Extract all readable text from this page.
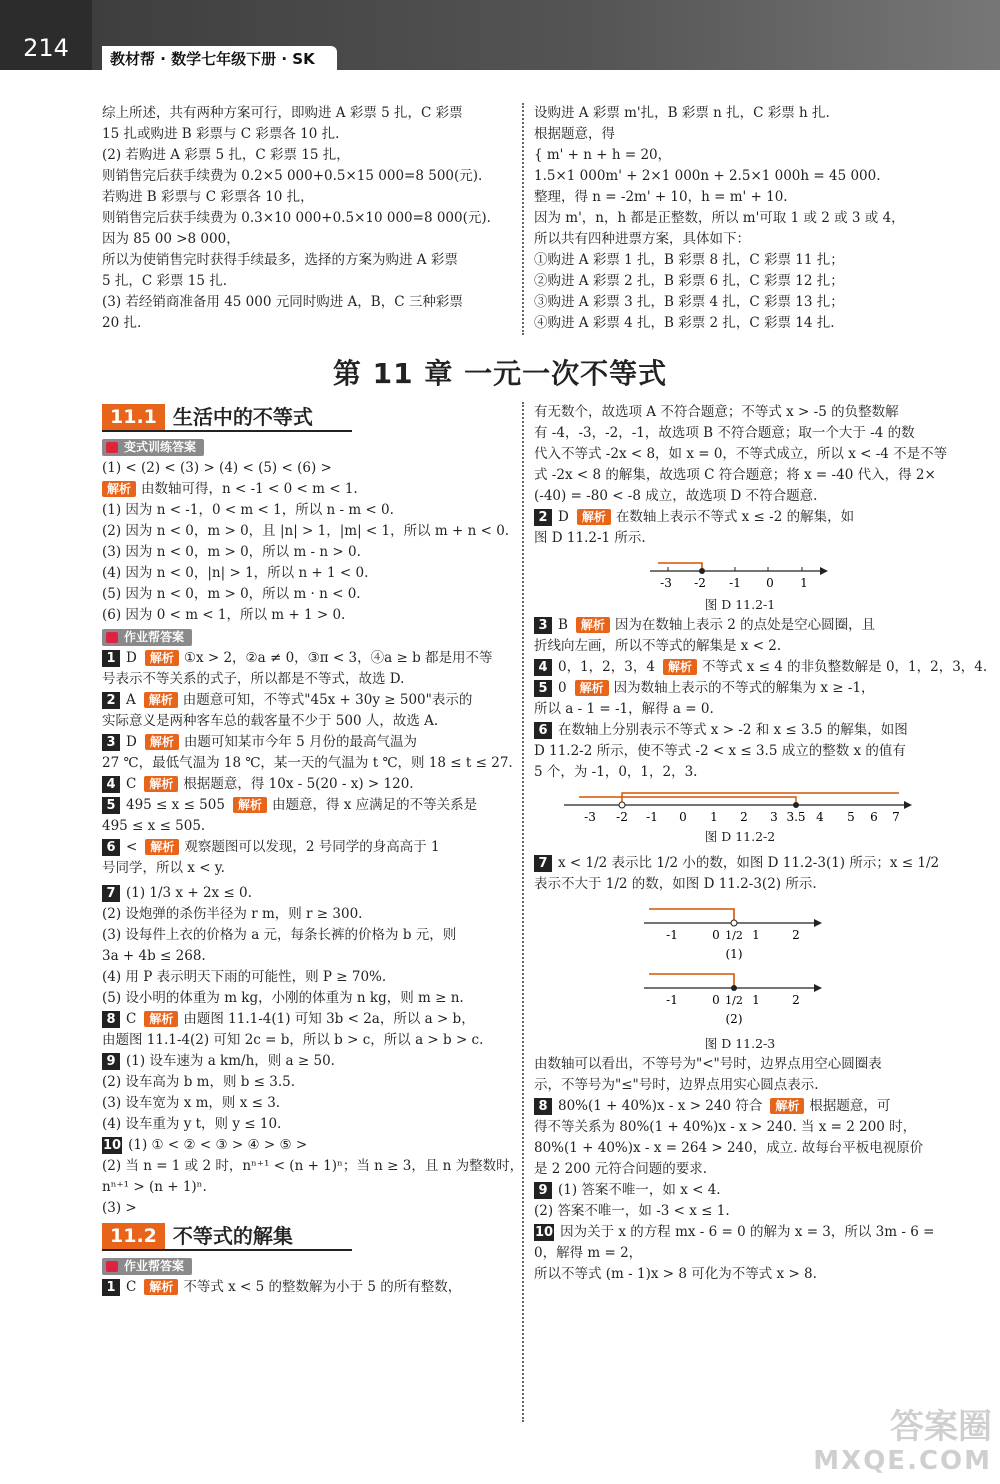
214	教材帮 · 数学七年级下册 · SK

综上所述，共有两种方案可行，即购进 A 彩票 5 扎，C 彩票

15 扎或购进 B 彩票与 C 彩票各 10 扎.

(2) 若购进 A 彩票 5 扎，C 彩票 15 扎，

则销售完后获手续费为 0.2×5 000+0.5×15 000=8 500(元).

若购进 B 彩票与 C 彩票各 10 扎，

则销售完后获手续费为 0.3×10 000+0.5×10 000=8 000(元).

因为 85 00 >8 000，

所以为使销售完时获得手续最多，选择的方案为购进 A 彩票

5 扎，C 彩票 15 扎.

(3) 若经销商准备用 45 000 元同时购进 A，B，C 三种彩票

20 扎.

设购进 A 彩票 m'扎，B 彩票 n 扎，C 彩票 h 扎.

根据题意，得

{ m' + n + h = 20，

1.5×1 000m' + 2×1 000n + 2.5×1 000h = 45 000.

整理，得 n = -2m' + 10，h = m' + 10.

因为 m'，n，h 都是正整数，所以 m'可取 1 或 2 或 3 或 4，

所以共有四种进票方案，具体如下：

①购进 A 彩票 1 扎，B 彩票 8 扎，C 彩票 11 扎；

②购进 A 彩票 2 扎，B 彩票 6 扎，C 彩票 12 扎；

③购进 A 彩票 3 扎，B 彩票 4 扎，C 彩票 13 扎；

④购进 A 彩票 4 扎，B 彩票 2 扎，C 彩票 14 扎.

第 11 章 一元一次不等式
11.1 生活中的不等式
变式训练答案

(1) < (2) < (3) > (4) < (5) < (6) >

解析 由数轴可得，n < -1 < 0 < m < 1.

(1) 因为 n < -1，0 < m < 1，所以 n - m < 0.

(2) 因为 n < 0，m > 0，且 |n| > 1，|m| < 1，所以 m + n < 0.

(3) 因为 n < 0，m > 0，所以 m - n > 0.

(4) 因为 n < 0，|n| > 1，所以 n + 1 < 0.

(5) 因为 n < 0，m > 0，所以 m · n < 0.

(6) 因为 0 < m < 1，所以 m + 1 > 0.

作业帮答案

1 D 解析 ①x > 2，②a ≠ 0，③π < 3，④a ≥ b 都是用不等

号表示不等关系的式子，所以都是不等式，故选 D.

2 A 解析 由题意可知，不等式"45x + 30y ≥ 500"表示的

实际意义是两种客车总的载客量不少于 500 人，故选 A.

3 D 解析 由题可知某市今年 5 月份的最高气温为

27 ℃，最低气温为 18 ℃，某一天的气温为 t ℃，则 18 ≤ t ≤ 27.

4 C 解析 根据题意，得 10x - 5(20 - x) > 120.

5 495 ≤ x ≤ 505 解析 由题意，得 x 应满足的不等关系是

495 ≤ x ≤ 505.

6 < 解析 观察题图可以发现，2 号同学的身高高于 1

号同学，所以 x < y.

7 (1) 1/3 x + 2x ≤ 0.

(2) 设炮弹的杀伤半径为 r m，则 r ≥ 300.

(3) 设每件上衣的价格为 a 元，每条长裤的价格为 b 元，则

3a + 4b ≤ 268.

(4) 用 P 表示明天下雨的可能性，则 P ≥ 70%.

(5) 设小明的体重为 m kg，小刚的体重为 n kg，则 m ≥ n.

8 C 解析 由题图 11.1-4(1) 可知 3b < 2a，所以 a > b，

由题图 11.1-4(2) 可知 2c = b，所以 b > c，所以 a > b > c.

9 (1) 设车速为 a km/h，则 a ≥ 50.

(2) 设车高为 b m，则 b ≤ 3.5.

(3) 设车宽为 x m，则 x ≤ 3.

(4) 设车重为 y t，则 y ≤ 10.

10 (1) ① < ② < ③ > ④ > ⑤ >

(2) 当 n = 1 或 2 时，nⁿ⁺¹ < (n + 1)ⁿ；当 n ≥ 3，且 n 为整数时，

nⁿ⁺¹ > (n + 1)ⁿ.

(3) >

11.2 不等式的解集
作业帮答案

1 C 解析 不等式 x < 5 的整数解为小于 5 的所有整数，

有无数个，故选项 A 不符合题意；不等式 x > -5 的负整数解

有 -4，-3，-2，-1，故选项 B 不符合题意；取一个大于 -4 的数

代入不等式 -2x < 8，如 x = 0，不等式成立，所以 x < -4 不是不等

式 -2x < 8 的解集，故选项 C 符合题意；将 x = -40 代入，得 2×

(-40) = -80 < -8 成立，故选项 D 不符合题意.

2 D 解析 在数轴上表示不等式 x ≤ -2 的解集，如

图 D 11.2-1 所示.

-3 -2 -1 0 1
图 D 11.2-1

3 B 解析 因为在数轴上表示 2 的点处是空心圆圈，且

折线向左画，所以不等式的解集是 x < 2.

4 0，1，2，3，4 解析 不等式 x ≤ 4 的非负整数解是 0，1，2，3，4.

5 0 解析 因为数轴上表示的不等式的解集为 x ≥ -1，

所以 a - 1 = -1，解得 a = 0.

6 在数轴上分别表示不等式 x > -2 和 x ≤ 3.5 的解集，如图

D 11.2-2 所示，使不等式 -2 < x ≤ 3.5 成立的整数 x 的值有

5 个，为 -1，0，1，2，3.

-3 -2 -1 0 1 2 3 3.5 4 5 6 7
图 D 11.2-2

7 x < 1/2 表示比 1/2 小的数，如图 D 11.2-3(1) 所示；x ≤ 1/2

表示不大于 1/2 的数，如图 D 11.2-3(2) 所示.

-1	0	1	2
1/2
(1)

-1	0	1	2
1/2
(2)
图 D 11.2-3

由数轴可以看出，不等号为"<"号时，边界点用空心圆圈表

示，不等号为"≤"号时，边界点用实心圆点表示.

8 80%(1 + 40%)x - x > 240 符合 解析 根据题意，可

得不等关系为 80%(1 + 40%)x - x > 240. 当 x = 2 200 时，

80%(1 + 40%)x - x = 264 > 240，成立. 故每台平板电视原价

是 2 200 元符合问题的要求.

9 (1) 答案不唯一，如 x < 4.

(2) 答案不唯一，如 -3 < x ≤ 1.

10 因为关于 x 的方程 mx - 6 = 0 的解为 x = 3，所以 3m - 6 =

0，解得 m = 2，

所以不等式 (m - 1)x > 8 可化为不等式 x > 8.

答案圈
MXQE.COM
